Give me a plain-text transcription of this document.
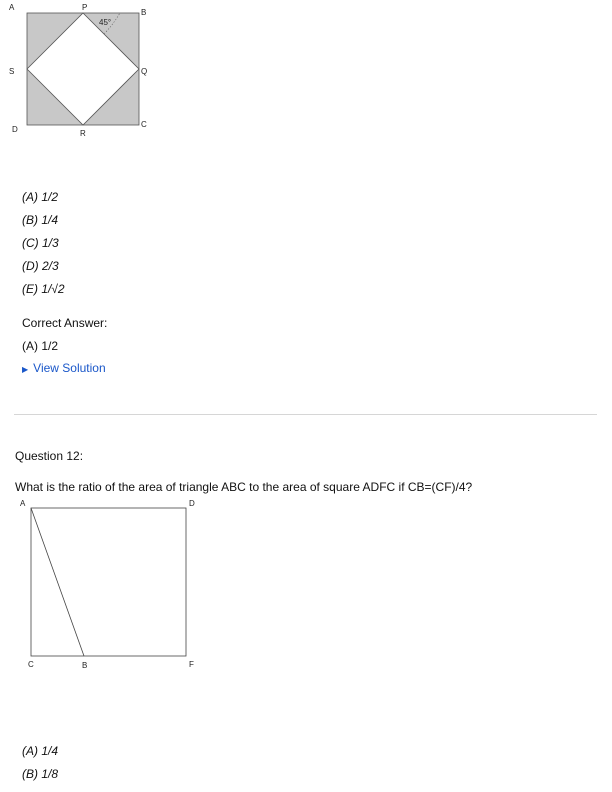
A	P
B
45°
S	Q
D	R
C
(A) 1/2
(B) 1/4
(C) 1/3
(D) 2/3
(E) 1/√2
Correct Answer:
(A) 1/2
▶ View Solution
Question 12:
What is the ratio of the area of triangle ABC to the area of square ADFC if CB=(CF)/4?
A	D
C	B	F
(A) 1/4
(B) 1/8
